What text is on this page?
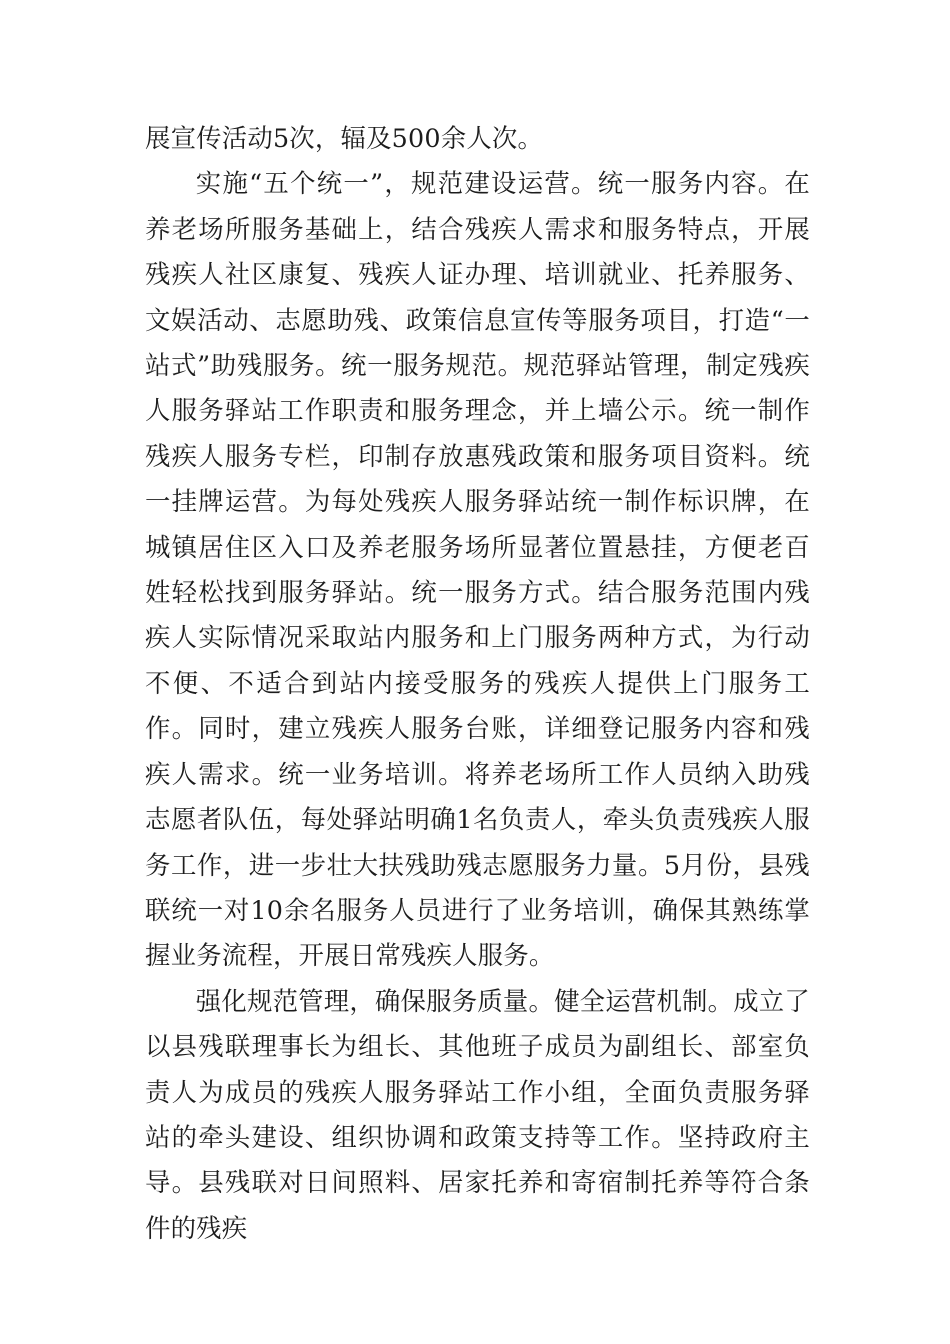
展宣传活动5次，辐及500余人次。

实施“五个统一”，规范建设运营。统一服务内容。在养老场所服务基础上，结合残疾人需求和服务特点，开展残疾人社区康复、残疾人证办理、培训就业、托养服务、文娱活动、志愿助残、政策信息宣传等服务项目，打造“一站式”助残服务。统一服务规范。规范驿站管理，制定残疾人服务驿站工作职责和服务理念，并上墙公示。统一制作残疾人服务专栏，印制存放惠残政策和服务项目资料。统一挂牌运营。为每处残疾人服务驿站统一制作标识牌，在城镇居住区入口及养老服务场所显著位置悬挂，方便老百姓轻松找到服务驿站。统一服务方式。结合服务范围内残疾人实际情况采取站内服务和上门服务两种方式，为行动不便、不适合到站内接受服务的残疾人提供上门服务工作。同时，建立残疾人服务台账，详细登记服务内容和残疾人需求。统一业务培训。将养老场所工作人员纳入助残志愿者队伍，每处驿站明确1名负责人，牵头负责残疾人服务工作，进一步壮大扶残助残志愿服务力量。5月份，县残联统一对10余名服务人员进行了业务培训，确保其熟练掌握业务流程，开展日常残疾人服务。

强化规范管理，确保服务质量。健全运营机制。成立了以县残联理事长为组长、其他班子成员为副组长、部室负责人为成员的残疾人服务驿站工作小组，全面负责服务驿站的牵头建设、组织协调和政策支持等工作。坚持政府主导。县残联对日间照料、居家托养和寄宿制托养等符合条件的残疾
